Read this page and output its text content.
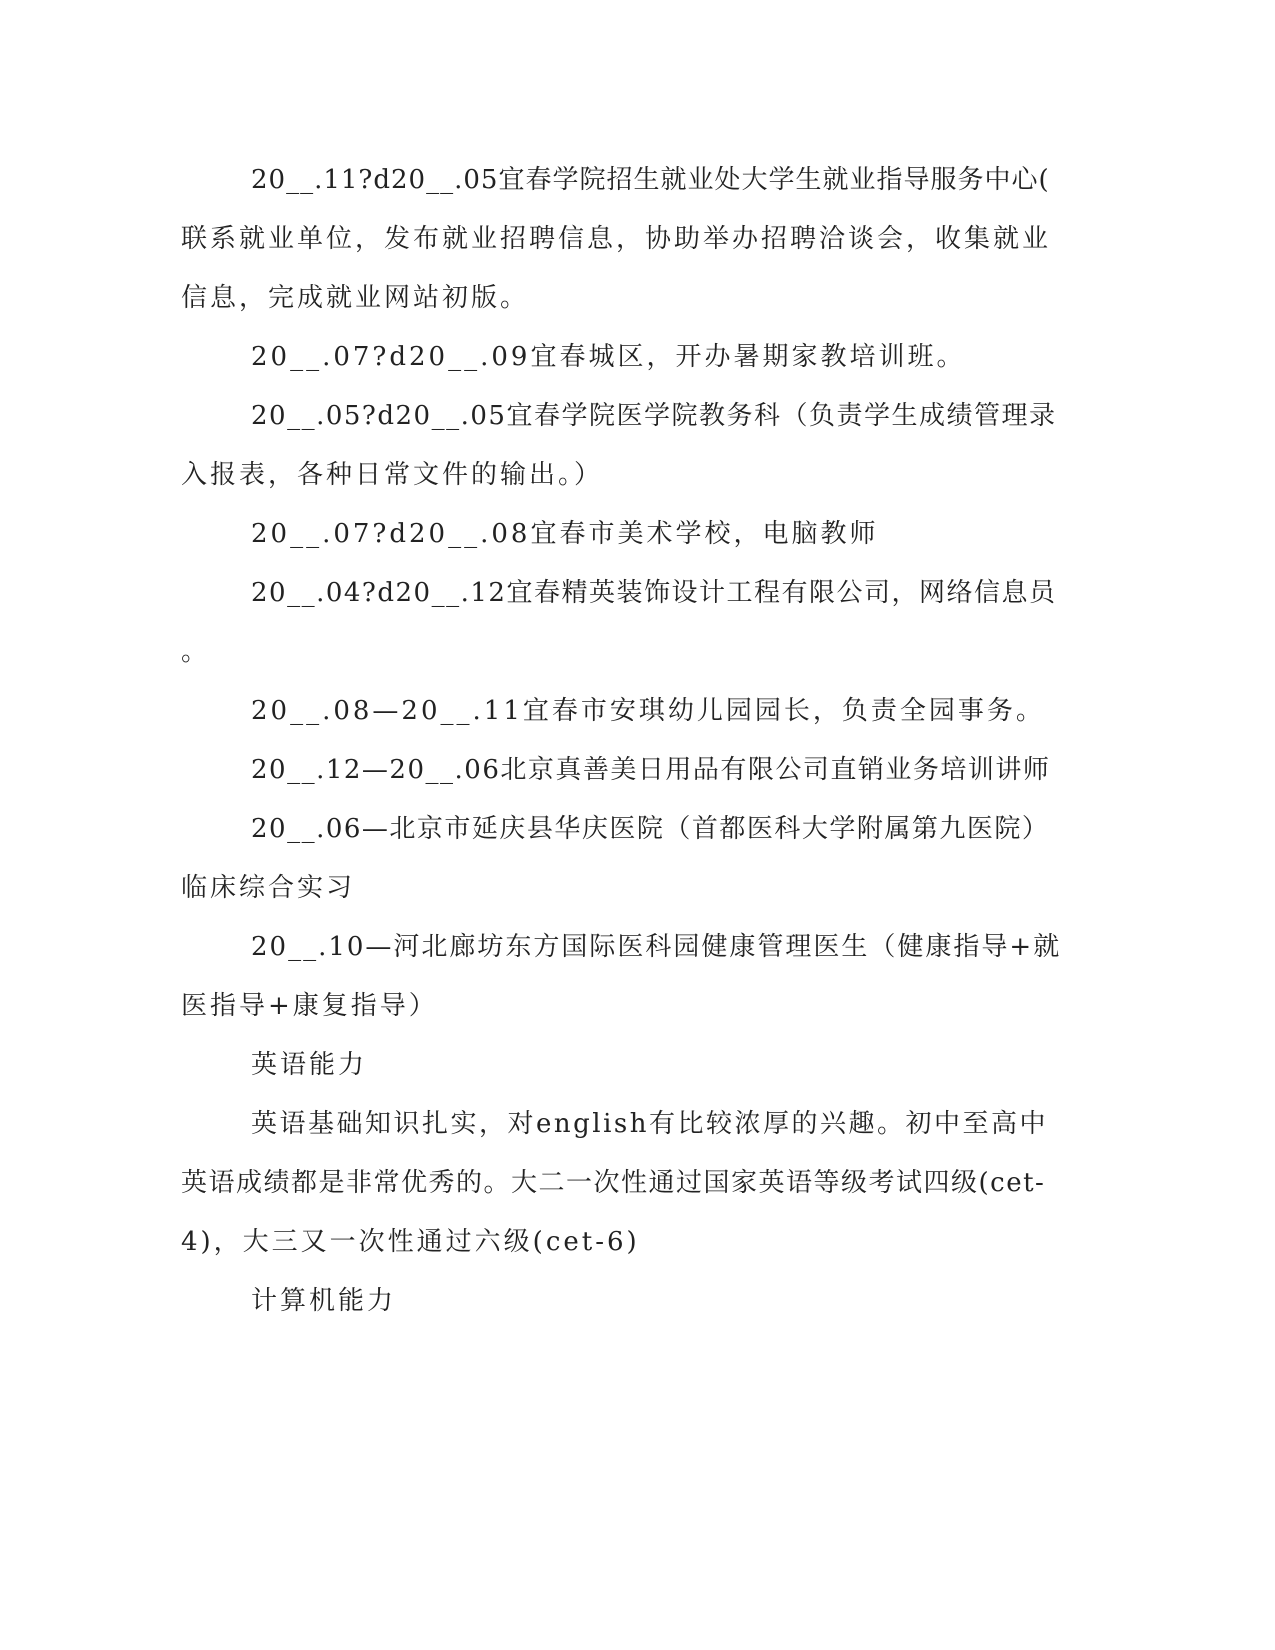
20__.11?d20__.05宜春学院招生就业处大学生就业指导服务中心(
联系就业单位，发布就业招聘信息，协助举办招聘洽谈会，收集就业
信息，完成就业网站初版。
20__.07?d20__.09宜春城区，开办暑期家教培训班。
20__.05?d20__.05宜春学院医学院教务科（负责学生成绩管理录
入报表，各种日常文件的输出。）
20__.07?d20__.08宜春市美术学校，电脑教师
20__.04?d20__.12宜春精英装饰设计工程有限公司，网络信息员
。
20__.08—20__.11宜春市安琪幼儿园园长，负责全园事务。
20__.12—20__.06北京真善美日用品有限公司直销业务培训讲师
20__.06—北京市延庆县华庆医院（首都医科大学附属第九医院）
临床综合实习
20__.10—河北廊坊东方国际医科园健康管理医生（健康指导+就
医指导+康复指导）
英语能力
英语基础知识扎实，对english有比较浓厚的兴趣。初中至高中
英语成绩都是非常优秀的。大二一次性通过国家英语等级考试四级(cet-
4)，大三又一次性通过六级(cet-6)
计算机能力
